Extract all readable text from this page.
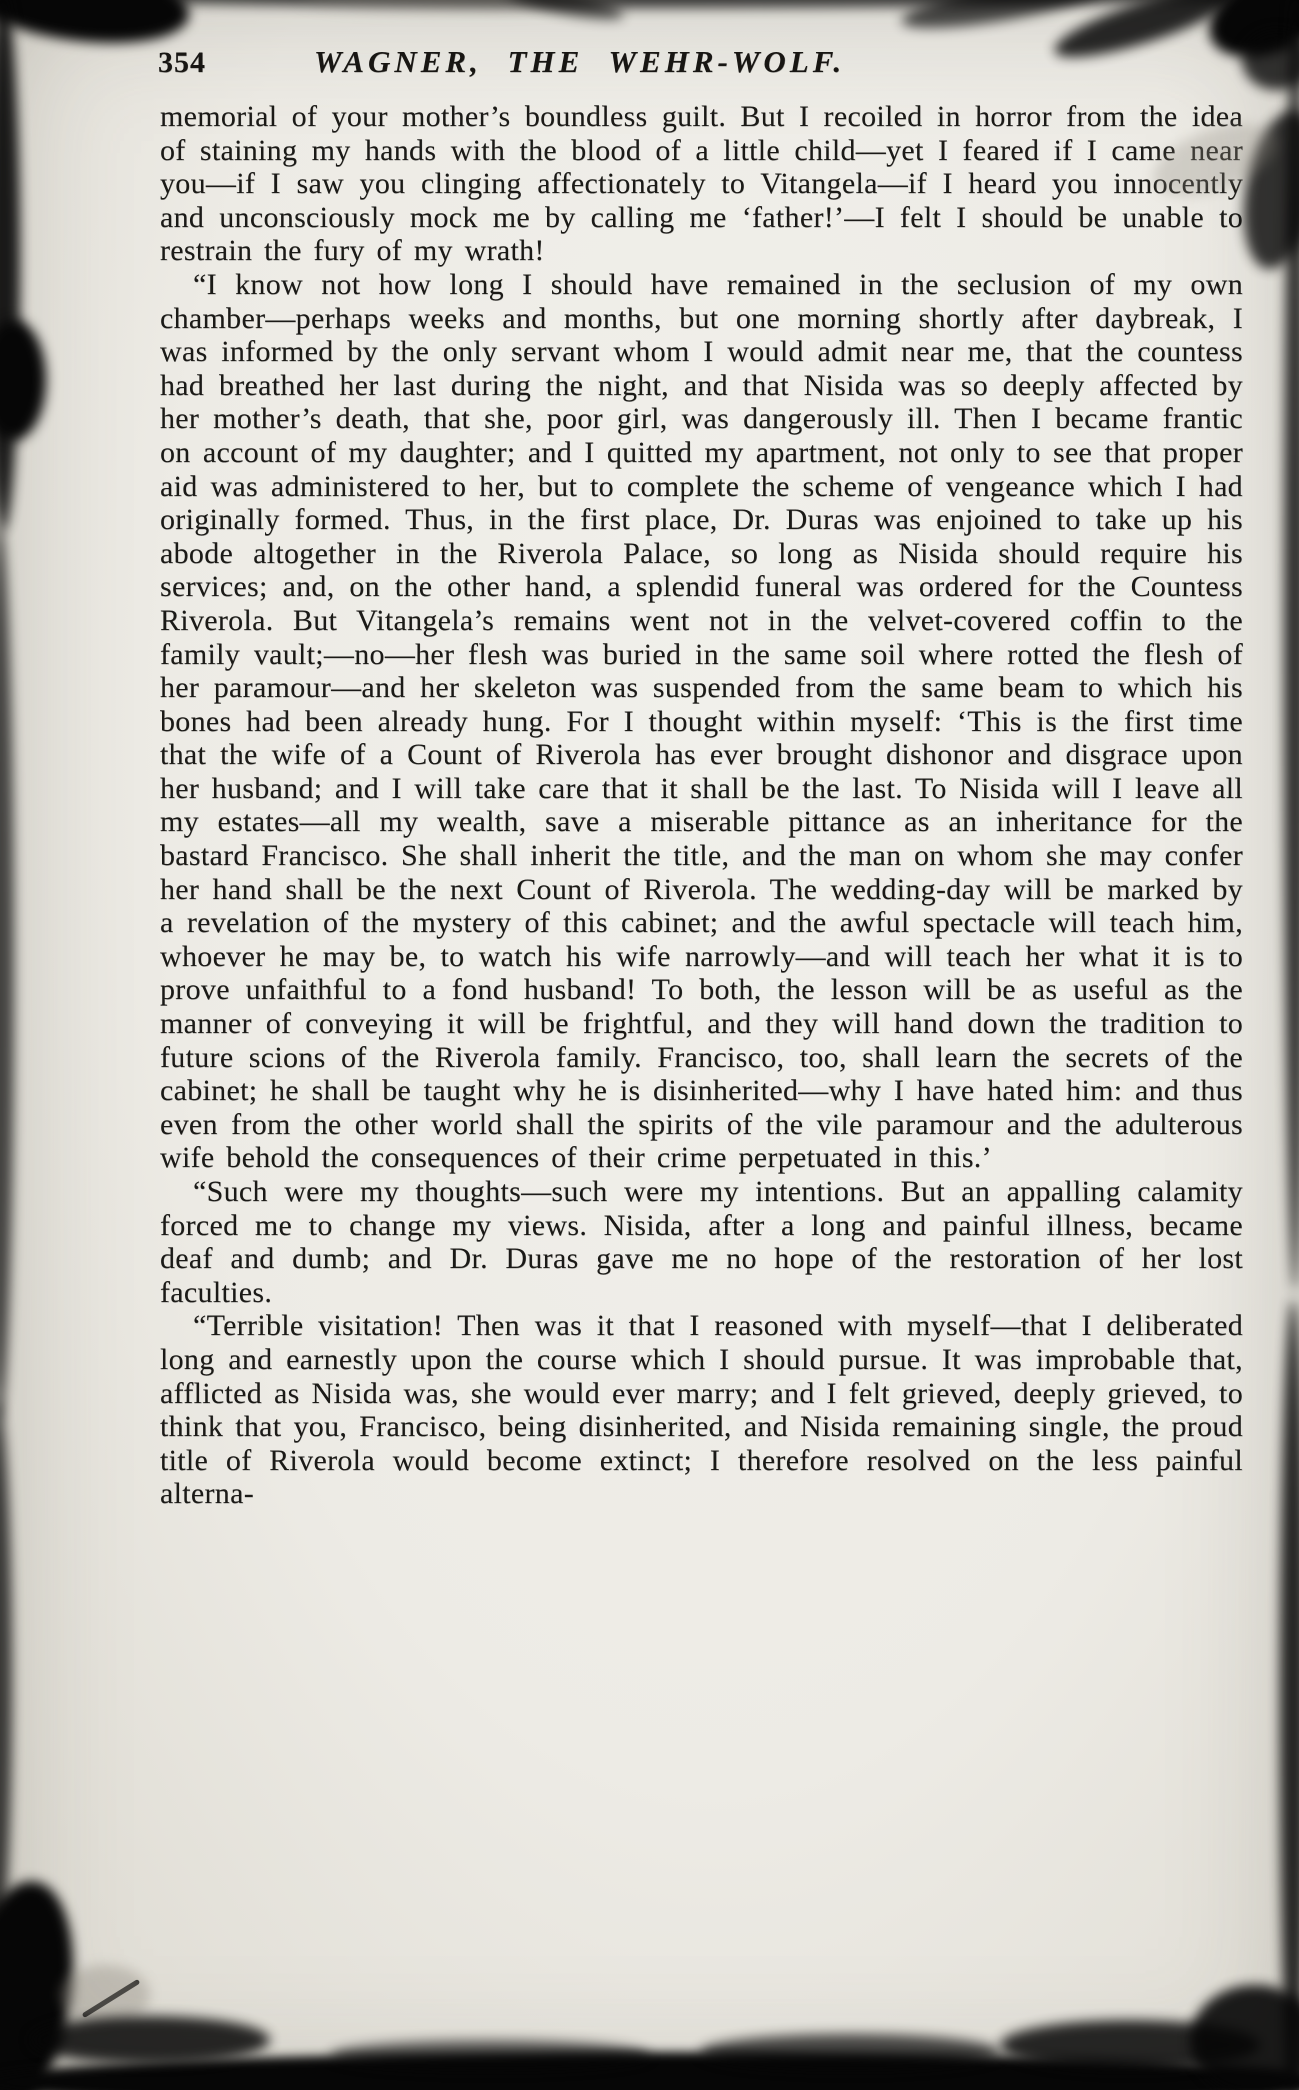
354	WAGNER, THE WEHR-WOLF.

memorial of your mother’s boundless guilt. But I recoiled in horror from the idea of staining my hands with the blood of a little child—yet I feared if I came near you—if I saw you clinging affectionately to Vitangela—if I heard you innocently and unconsciously mock me by calling me ‘father!’—I felt I should be unable to restrain the fury of my wrath!

“I know not how long I should have remained in the seclusion of my own chamber—perhaps weeks and months, but one morning shortly after daybreak, I was informed by the only servant whom I would admit near me, that the countess had breathed her last during the night, and that Nisida was so deeply affected by her mother’s death, that she, poor girl, was dangerously ill. Then I became frantic on account of my daughter; and I quitted my apartment, not only to see that proper aid was administered to her, but to complete the scheme of vengeance which I had originally formed. Thus, in the first place, Dr. Duras was enjoined to take up his abode altogether in the Riverola Palace, so long as Nisida should require his services; and, on the other hand, a splendid funeral was ordered for the Countess Riverola. But Vitangela’s remains went not in the velvet-covered coffin to the family vault;—no—her flesh was buried in the same soil where rotted the flesh of her paramour—and her skeleton was suspended from the same beam to which his bones had been already hung. For I thought within myself: ‘This is the first time that the wife of a Count of Riverola has ever brought dishonor and disgrace upon her husband; and I will take care that it shall be the last. To Nisida will I leave all my estates—all my wealth, save a miserable pittance as an inheritance for the bastard Francisco. She shall inherit the title, and the man on whom she may confer her hand shall be the next Count of Riverola. The wedding-day will be marked by a revelation of the mystery of this cabinet; and the awful spectacle will teach him, whoever he may be, to watch his wife narrowly—and will teach her what it is to prove unfaithful to a fond husband! To both, the lesson will be as useful as the manner of conveying it will be frightful, and they will hand down the tradition to future scions of the Riverola family. Francisco, too, shall learn the secrets of the cabinet; he shall be taught why he is disinherited—why I have hated him: and thus even from the other world shall the spirits of the vile paramour and the adulterous wife behold the consequences of their crime perpetuated in this.’

“Such were my thoughts—such were my intentions. But an appalling calamity forced me to change my views. Nisida, after a long and painful illness, became deaf and dumb; and Dr. Duras gave me no hope of the restoration of her lost faculties.

“Terrible visitation! Then was it that I reasoned with myself—that I deliberated long and earnestly upon the course which I should pursue. It was improbable that, afflicted as Nisida was, she would ever marry; and I felt grieved, deeply grieved, to think that you, Francisco, being disinherited, and Nisida remaining single, the proud title of Riverola would become extinct; I therefore resolved on the less painful alterna-
